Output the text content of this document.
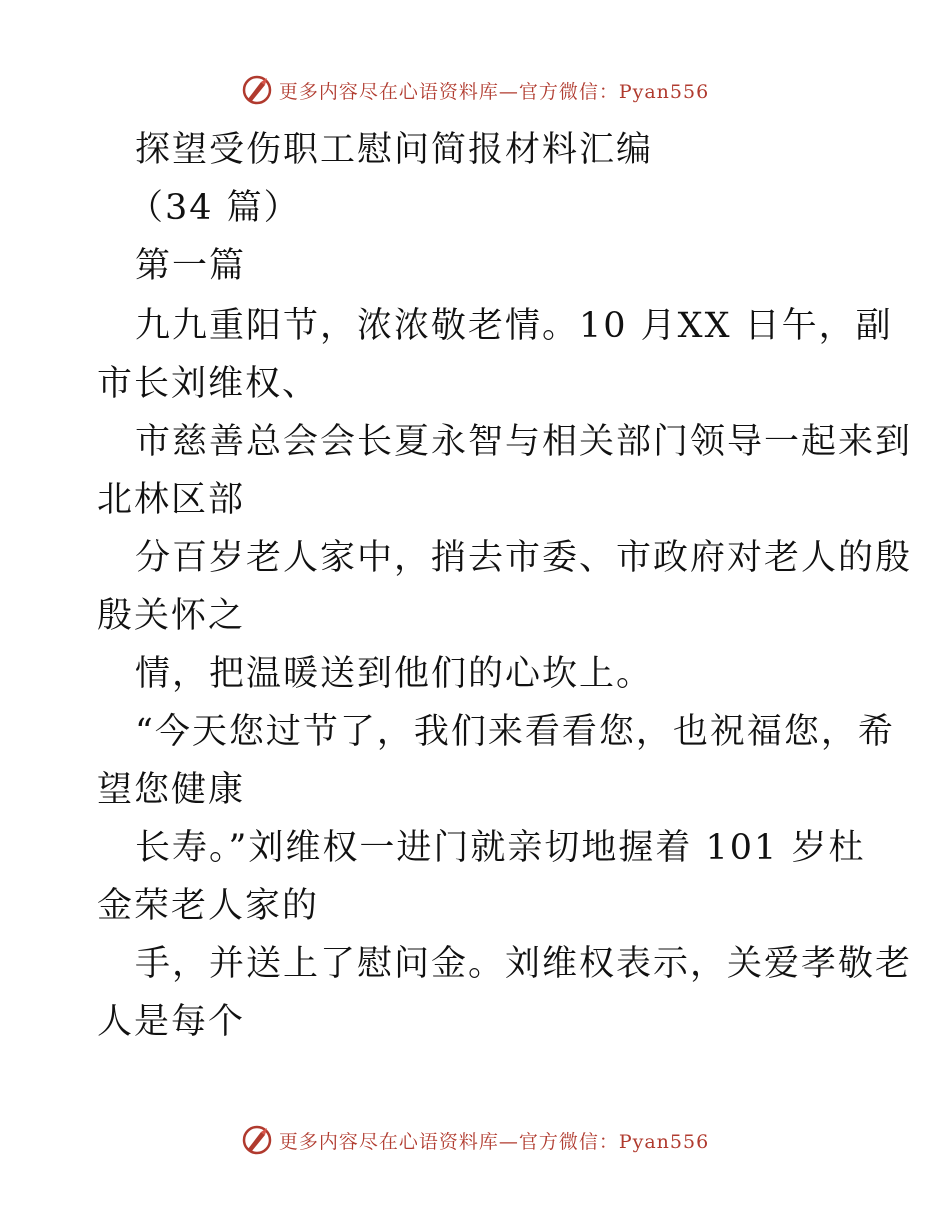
更多内容尽在心语资料库—官方微信：Pyan556
探望受伤职工慰问简报材料汇编
（34 篇）
第一篇
九九重阳节，浓浓敬老情。10 月XX 日午，副
市长刘维权、
市慈善总会会长夏永智与相关部门领导一起来到
北林区部
分百岁老人家中，捎去市委、市政府对老人的殷
殷关怀之
情，把温暖送到他们的心坎上。
“今天您过节了，我们来看看您，也祝福您，希
望您健康
长寿。”刘维权一进门就亲切地握着 101 岁杜
金荣老人家的
手，并送上了慰问金。刘维权表示，关爱孝敬老
人是每个
更多内容尽在心语资料库—官方微信：Pyan556
